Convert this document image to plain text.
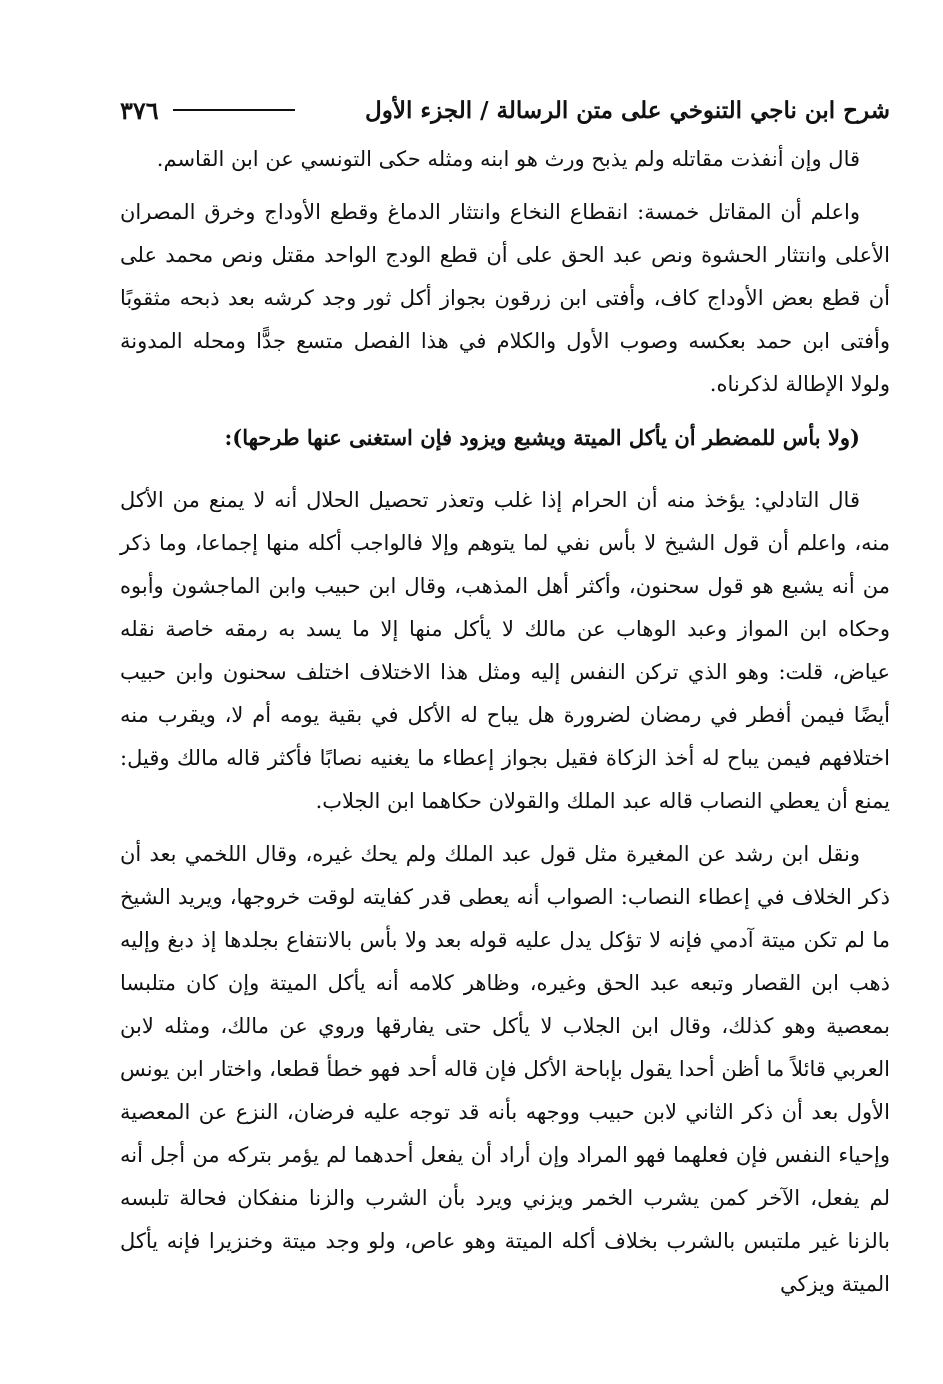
شرح ابن ناجي التنوخي على متن الرسالة / الجزء الأول
٣٧٦

قال وإن أنفذت مقاتله ولم يذبح ورث هو ابنه ومثله حكى التونسي عن ابن القاسم.

واعلم أن المقاتل خمسة: انقطاع النخاع وانتثار الدماغ وقطع الأوداج وخرق المصران الأعلى وانتثار الحشوة ونص عبد الحق على أن قطع الودج الواحد مقتل ونص محمد على أن قطع بعض الأوداج كاف، وأفتى ابن زرقون بجواز أكل ثور وجد كرشه بعد ذبحه مثقوبًا وأفتى ابن حمد بعكسه وصوب الأول والكلام في هذا الفصل متسع جدًّا ومحله المدونة ولولا الإطالة لذكرناه.

(ولا بأس للمضطر أن يأكل الميتة ويشبع ويزود فإن استغنى عنها طرحها):

قال التادلي: يؤخذ منه أن الحرام إذا غلب وتعذر تحصيل الحلال أنه لا يمنع من الأكل منه، واعلم أن قول الشيخ لا بأس نفي لما يتوهم وإلا فالواجب أكله منها إجماعا، وما ذكر من أنه يشبع هو قول سحنون، وأكثر أهل المذهب، وقال ابن حبيب وابن الماجشون وأبوه وحكاه ابن المواز وعبد الوهاب عن مالك لا يأكل منها إلا ما يسد به رمقه خاصة نقله عياض، قلت: وهو الذي تركن النفس إليه ومثل هذا الاختلاف اختلف سحنون وابن حبيب أيضًا فيمن أفطر في رمضان لضرورة هل يباح له الأكل في بقية يومه أم لا، ويقرب منه اختلافهم فيمن يباح له أخذ الزكاة فقيل بجواز إعطاء ما يغنيه نصابًا فأكثر قاله مالك وقيل: يمنع أن يعطي النصاب قاله عبد الملك والقولان حكاهما ابن الجلاب.

ونقل ابن رشد عن المغيرة مثل قول عبد الملك ولم يحك غيره، وقال اللخمي بعد أن ذكر الخلاف في إعطاء النصاب: الصواب أنه يعطى قدر كفايته لوقت خروجها، ويريد الشيخ ما لم تكن ميتة آدمي فإنه لا تؤكل يدل عليه قوله بعد ولا بأس بالانتفاع بجلدها إذ دبغ وإليه ذهب ابن القصار وتبعه عبد الحق وغيره، وظاهر كلامه أنه يأكل الميتة وإن كان متلبسا بمعصية وهو كذلك، وقال ابن الجلاب لا يأكل حتى يفارقها وروي عن مالك، ومثله لابن العربي قائلاً ما أظن أحدا يقول بإباحة الأكل فإن قاله أحد فهو خطأ قطعا، واختار ابن يونس الأول بعد أن ذكر الثاني لابن حبيب ووجهه بأنه قد توجه عليه فرضان، النزع عن المعصية وإحياء النفس فإن فعلهما فهو المراد وإن أراد أن يفعل أحدهما لم يؤمر بتركه من أجل أنه لم يفعل، الآخر كمن يشرب الخمر ويزني ويرد بأن الشرب والزنا منفكان فحالة تلبسه بالزنا غير ملتبس بالشرب بخلاف أكله الميتة وهو عاص، ولو وجد ميتة وخنزيرا فإنه يأكل الميتة ويزكي
